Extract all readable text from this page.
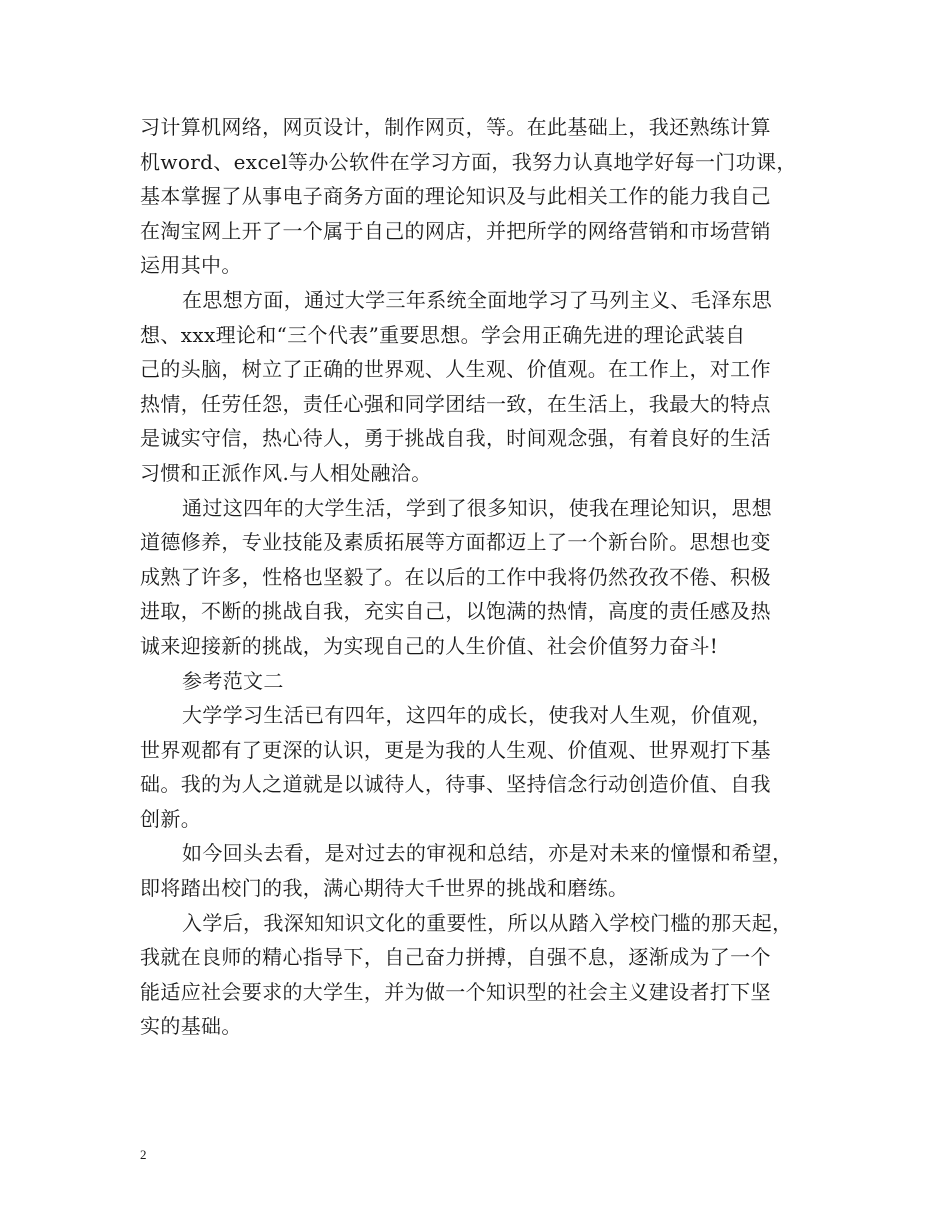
习计算机网络，网页设计，制作网页，等。在此基础上，我还熟练计算
机word、excel等办公软件在学习方面，我努力认真地学好每一门功课，
基本掌握了从事电子商务方面的理论知识及与此相关工作的能力我自己
在淘宝网上开了一个属于自己的网店，并把所学的网络营销和市场营销
运用其中。
在思想方面，通过大学三年系统全面地学习了马列主义、毛泽东思
想、xxx理论和“三个代表”重要思想。学会用正确先进的理论武装自
己的头脑，树立了正确的世界观、人生观、价值观。在工作上，对工作
热情，任劳任怨，责任心强和同学团结一致，在生活上，我最大的特点
是诚实守信，热心待人，勇于挑战自我，时间观念强，有着良好的生活
习惯和正派作风.与人相处融洽。
通过这四年的大学生活，学到了很多知识，使我在理论知识，思想
道德修养，专业技能及素质拓展等方面都迈上了一个新台阶。思想也变
成熟了许多，性格也坚毅了。在以后的工作中我将仍然孜孜不倦、积极
进取，不断的挑战自我，充实自己，以饱满的热情，高度的责任感及热
诚来迎接新的挑战，为实现自己的人生价值、社会价值努力奋斗!
参考范文二
大学学习生活已有四年，这四年的成长，使我对人生观，价值观，
世界观都有了更深的认识，更是为我的人生观、价值观、世界观打下基
础。我的为人之道就是以诚待人，待事、坚持信念行动创造价值、自我
创新。
如今回头去看，是对过去的审视和总结，亦是对未来的憧憬和希望，
即将踏出校门的我，满心期待大千世界的挑战和磨练。
入学后，我深知知识文化的重要性，所以从踏入学校门槛的那天起，
我就在良师的精心指导下，自己奋力拼搏，自强不息，逐渐成为了一个
能适应社会要求的大学生，并为做一个知识型的社会主义建设者打下坚
实的基础。
2
